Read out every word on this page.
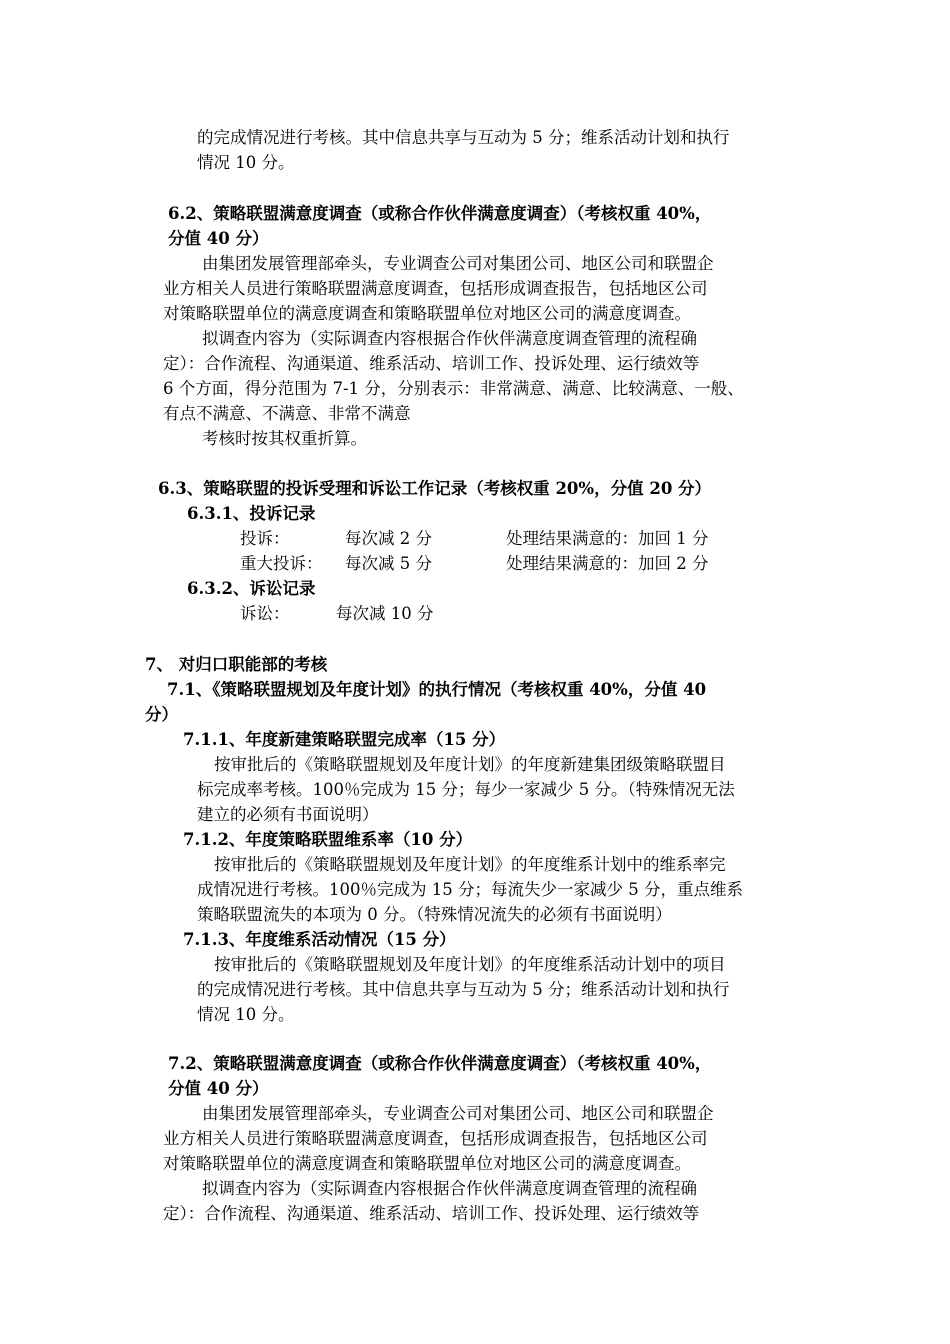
的完成情况进行考核。其中信息共享与互动为 5 分；维系活动计划和执行
情况 10 分。
6.2、策略联盟满意度调查（或称合作伙伴满意度调查）（考核权重 40%，
分值 40 分）
由集团发展管理部牵头，专业调查公司对集团公司、地区公司和联盟企
业方相关人员进行策略联盟满意度调查，包括形成调查报告，包括地区公司
对策略联盟单位的满意度调查和策略联盟单位对地区公司的满意度调查。
拟调查内容为（实际调查内容根据合作伙伴满意度调查管理的流程确
定）：合作流程、沟通渠道、维系活动、培训工作、投诉处理、运行绩效等
6 个方面，得分范围为 7-1 分，分别表示：非常满意、满意、比较满意、一般、
有点不满意、不满意、非常不满意
考核时按其权重折算。
6.3、策略联盟的投诉受理和诉讼工作记录（考核权重 20%，分值 20 分）
6.3.1、投诉记录
投诉：	每次减 2 分	处理结果满意的：加回 1 分
重大投诉： 每次减 5 分	处理结果满意的：加回 2 分
6.3.2、诉讼记录
诉讼：	每次减 10 分
7、 对归口职能部的考核
7.1、《策略联盟规划及年度计划》的执行情况（考核权重 40%，分值 40
分）
7.1.1、年度新建策略联盟完成率（15 分）
按审批后的《策略联盟规划及年度计划》的年度新建集团级策略联盟目
标完成率考核。100％完成为 15 分；每少一家减少 5 分。（特殊情况无法
建立的必须有书面说明）
7.1.2、年度策略联盟维系率（10 分）
按审批后的《策略联盟规划及年度计划》的年度维系计划中的维系率完
成情况进行考核。100％完成为 15 分；每流失少一家减少 5 分，重点维系
策略联盟流失的本项为 0 分。（特殊情况流失的必须有书面说明）
7.1.3、年度维系活动情况（15 分）
按审批后的《策略联盟规划及年度计划》的年度维系活动计划中的项目
的完成情况进行考核。其中信息共享与互动为 5 分；维系活动计划和执行
情况 10 分。
7.2、策略联盟满意度调查（或称合作伙伴满意度调查）（考核权重 40%，
分值 40 分）
由集团发展管理部牵头，专业调查公司对集团公司、地区公司和联盟企
业方相关人员进行策略联盟满意度调查，包括形成调查报告，包括地区公司
对策略联盟单位的满意度调查和策略联盟单位对地区公司的满意度调查。
拟调查内容为（实际调查内容根据合作伙伴满意度调查管理的流程确
定）：合作流程、沟通渠道、维系活动、培训工作、投诉处理、运行绩效等
